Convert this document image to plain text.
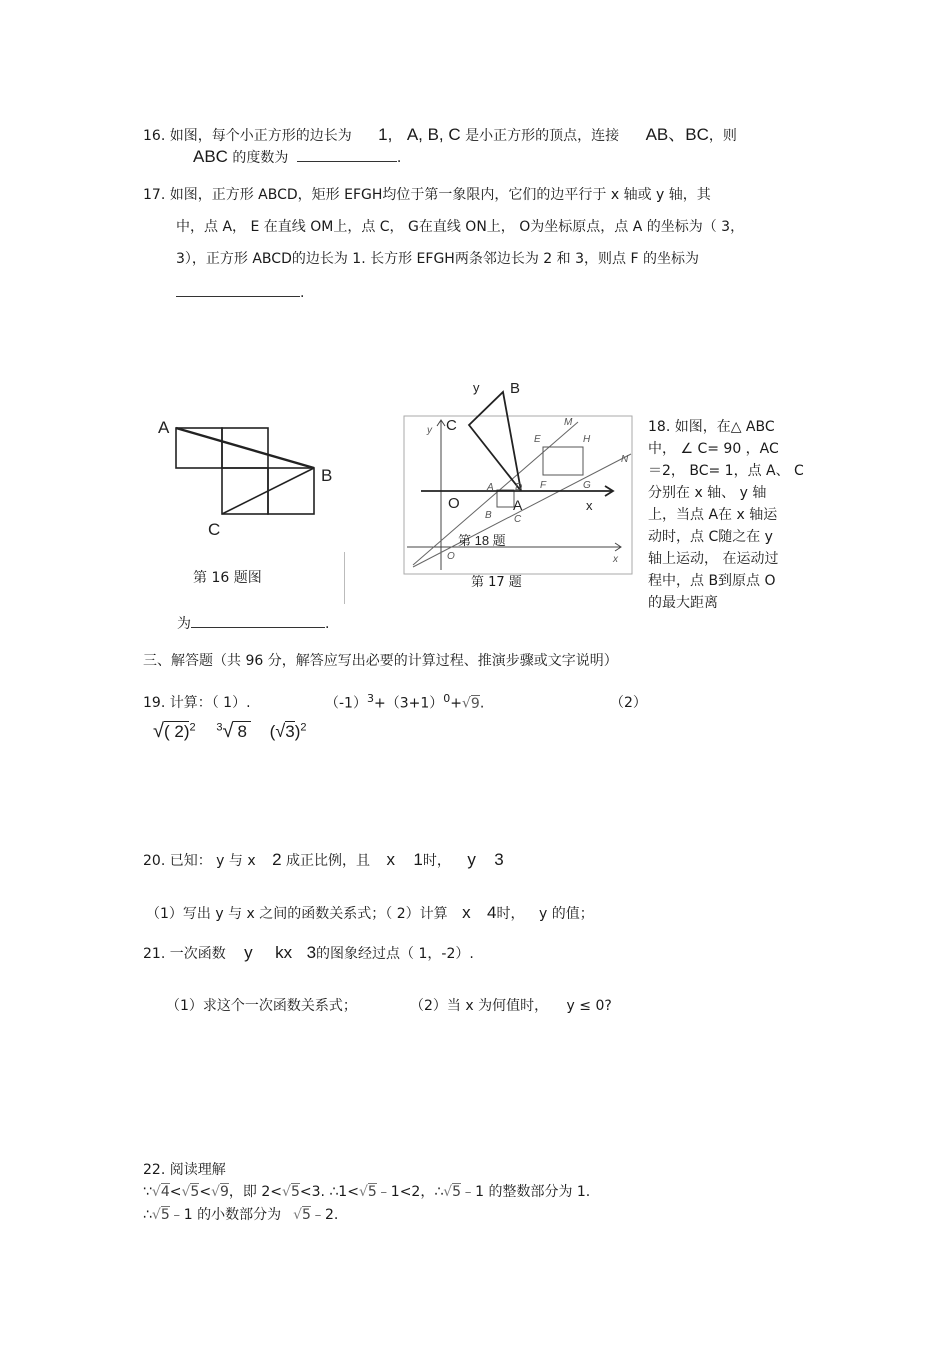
16. 如图，每个小正方形的边长为 1, A, B, C 是小正方形的顶点，连接 AB、BC，则
ABC 的度数为	.
17. 如图，正方形 ABCD，矩形 EFGH均位于第一象限内，它们的边平行于 x 轴或 y 轴，其
中，点 A， E 在直线 OM上，点 C， G在直线 ON上， O为坐标原点，点 A 的坐标为（ 3，
3），正方形 ABCD的边长为 1. 长方形 EFGH两条邻边长为 2 和 3，则点 F 的坐标为
.
A
B
C
第 16 题图
y
x
O
E
M
H
N
A D F	G
B C
y B
C
O	A	x
第 18 题
第 17 题
18. 如图，在△ ABC
中， ∠ C= 90 ，AC
＝2， BC= 1，点 A、 C
分别在 x 轴、 y 轴
上，当点 A在 x 轴运
动时，点 C随之在 y
轴上运动， 在运动过
程中，点 B到原点 O
的最大距离
为	.
三、解答题（共 96 分，解答应写出必要的计算过程、推演步骤或文字说明）
19. 计算：（ 1）.	$(-1)^3+(3+1)^0+√9$.	（2）
√( 2)$^2$ $^3$√ 8 $(√3)^2$
20. 已知： y 与 x 2 成正比例，且 x 1时， y 3
（1）写出 y 与 x 之间的函数关系式；（ 2）计算 x 4时， y 的值；
21. 一次函数 y kx 3的图象经过点（ 1，-2）.
（1）求这个一次函数关系式；	（2）当 x 为何值时， y ≤ 0?
22. 阅读理解
∵√4<√5<√9，即 2<√5<3. ∴1<√5﹣1<2，∴√5﹣1 的整数部分为 1.
∴√5﹣1 的小数部分为 √5﹣2.
